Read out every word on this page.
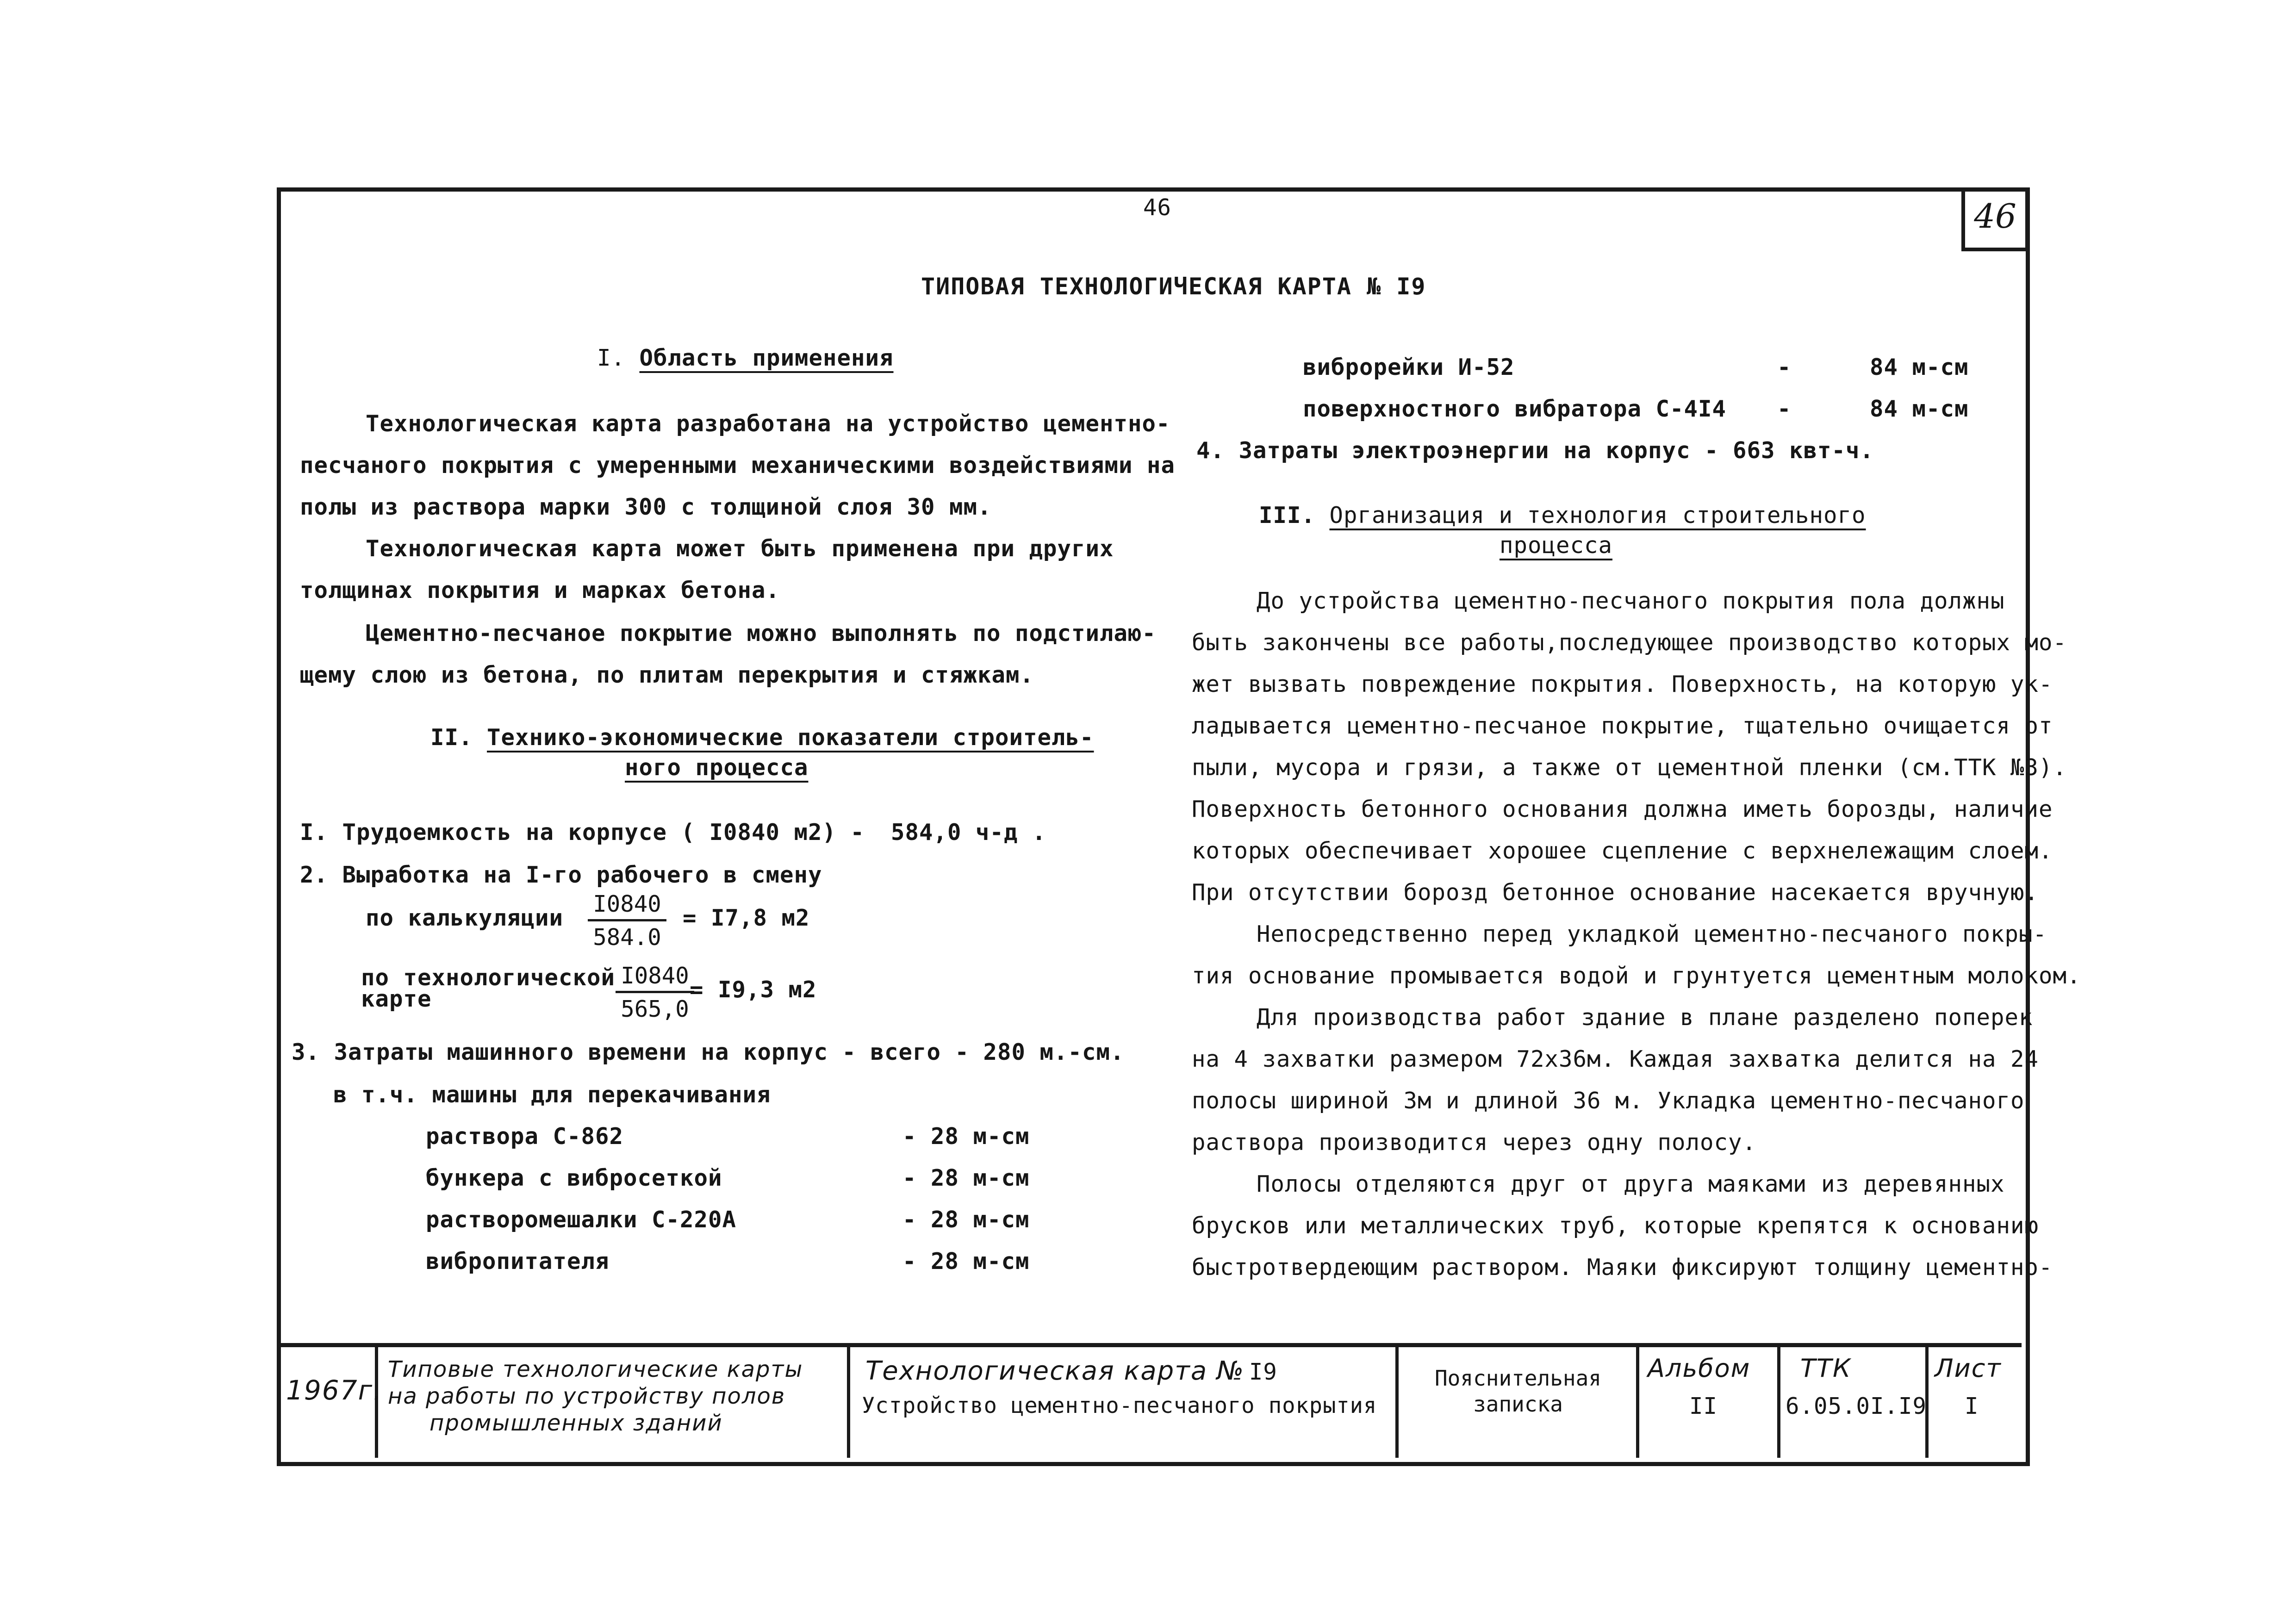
46
46
ТИПОВАЯ ТЕХНОЛОГИЧЕСКАЯ КАРТА № I9
I. Область применения
Технологическая карта разработана на устройство цементно-
песчаного покрытия с умеренными механическими воздействиями на
полы из раствора марки 300 с толщиной слоя 30 мм.
Технологическая карта может быть применена при других
толщинах покрытия и марках бетона.
Цементно-песчаное покрытие можно выполнять по подстилаю-
щему слою из бетона, по плитам перекрытия и стяжкам.
II. Технико-экономические показатели строитель-
ного процесса
I. Трудоемкость на корпусе ( I0840 м2) - 584,0 ч-д .
2. Выработка на I-го рабочего в смену
по калькуляции $\frac{I0840}{584.0} = I7,8$ м2
по технологической
карте	$\frac{I0840}{565,0}$
= I9,3 м2
3. Затраты машинного времени на корпус - всего - 280 м.-см.
в т.ч. машины для перекачивания
раствора С-862	- 28 м-см
бункера с вибросеткой	- 28 м-см
растворомешалки С-220А	- 28 м-см
вибропитателя	- 28 м-см
виброрейки И-52	-	84 м-см
поверхностного вибратора С-4I4 -	84 м-см
4. Затраты электроэнергии на корпус - 663 квт-ч.
III. Организация и технология строительного
процесса
До устройства цементно-песчаного покрытия пола должны
быть закончены все работы,последующее производство которых мо-
жет вызвать повреждение покрытия. Поверхность, на которую ук-
ладывается цементно-песчаное покрытие, тщательно очищается от
пыли, мусора и грязи, а также от цементной пленки (см.ТТК №3).
Поверхность бетонного основания должна иметь борозды, наличие
которых обеспечивает хорошее сцепление с верхнележащим слоем.
При отсутствии борозд бетонное основание насекается вручную.
Непосредственно перед укладкой цементно-песчаного покры-
тия основание промывается водой и грунтуется цементным молоком.
Для производства работ здание в плане разделено поперек
на 4 захватки размером 72х36м. Каждая захватка делится на 24
полосы шириной 3м и длиной 36 м. Укладка цементно-песчаного
раствора производится через одну полосу.
Полосы отделяются друг от друга маяками из деревянных
брусков или металлических труб, которые крепятся к основанию
быстротвердеющим раствором. Маяки фиксируют толщину цементно-
1967г.
Типовые технологические карты
на работы по устройству полов
промышленных зданий
Технологическая карта № I9
Устройство цементно-песчаного покрытия
Пояснительная
записка
Альбом
II
ТТК
6.05.0I.I9
Лист
I
